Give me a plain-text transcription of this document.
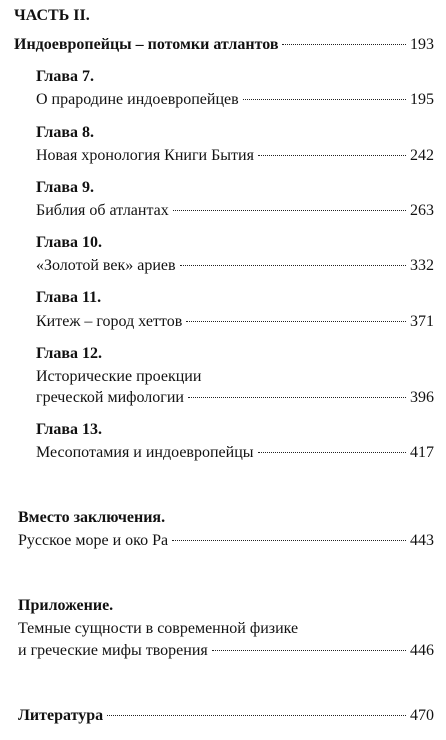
ЧАСТЬ II.
Индоевропейцы – потомки атлантов	193
Глава 7.
О прародине индоевропейцев	195
Глава 8.
Новая хронология Книги Бытия	242
Глава 9.
Библия об атлантах	263
Глава 10.
«Золотой век» ариев	332
Глава 11.
Китеж – город хеттов	371
Глава 12.
Исторические проекции
греческой мифологии	396
Глава 13.
Месопотамия и индоевропейцы	417
Вместо заключения.
Русское море и око Ра	443
Приложение.
Темные сущности в современной физике
и греческие мифы творения	446
Литература	470
